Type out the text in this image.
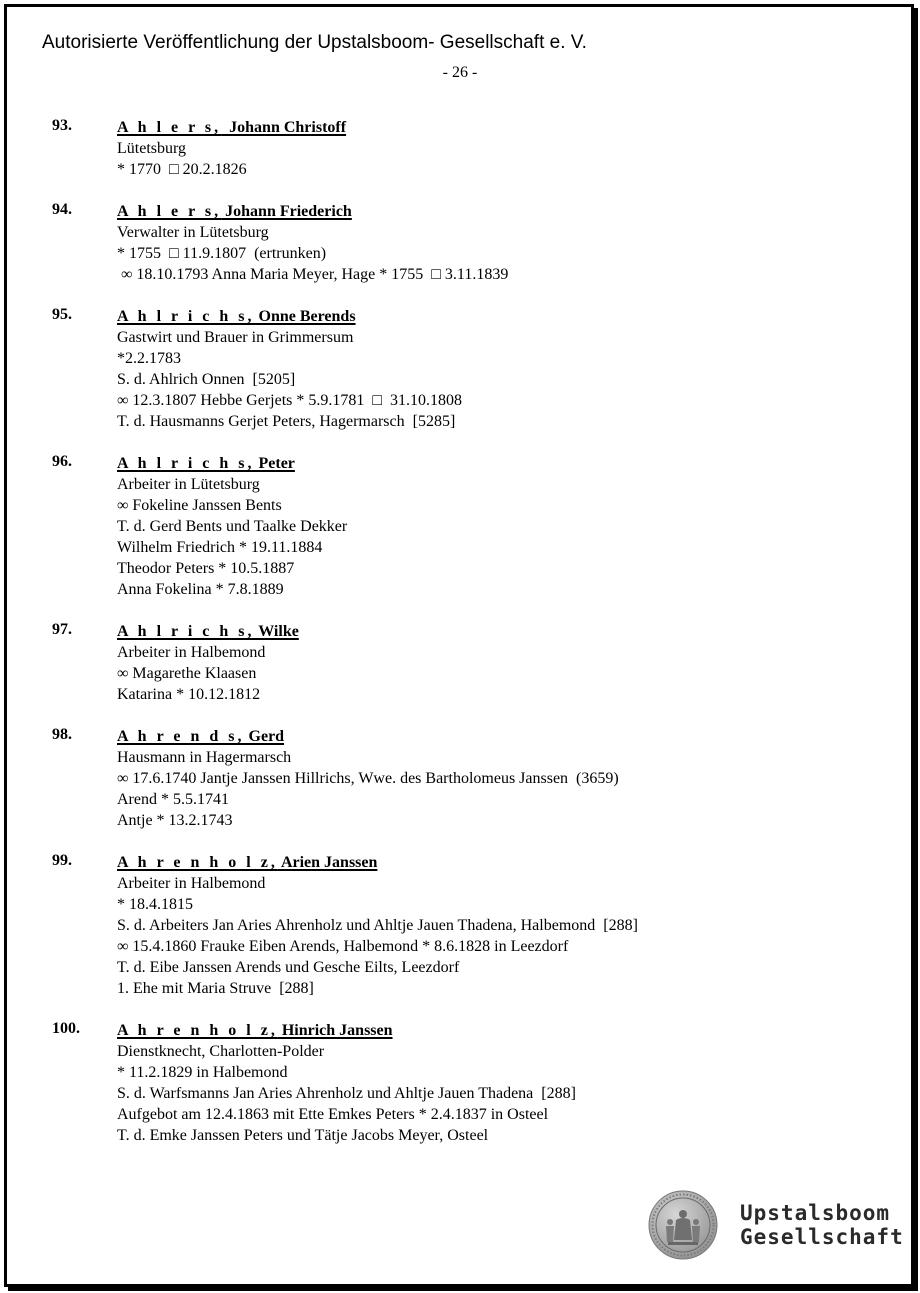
Autorisierte Veröffentlichung der Upstalsboom- Gesellschaft e. V.
- 26 -
93.	A h l e r s,  Johann Christoff
Lütetsburg
* 1770  □ 20.2.1826
94.	A h l e r s, Johann Friederich
Verwalter in Lütetsburg
* 1755  □ 11.9.1807  (ertrunken)
∞ 18.10.1793 Anna Maria Meyer, Hage * 1755  □ 3.11.1839
95.	A h l r i c h s, Onne Berends
Gastwirt und Brauer in Grimmersum
*2.2.1783
S. d. Ahlrich Onnen  [5205]
∞ 12.3.1807 Hebbe Gerjets * 5.9.1781  □  31.10.1808
T. d. Hausmanns Gerjet Peters, Hagermarsch  [5285]
96.	A h l r i c h s, Peter
Arbeiter in Lütetsburg
∞ Fokeline Janssen Bents
T. d. Gerd Bents und Taalke Dekker
Wilhelm Friedrich * 19.11.1884
Theodor Peters * 10.5.1887
Anna Fokelina * 7.8.1889
97.	A h l r i c h s, Wilke
Arbeiter in Halbemond
∞ Magarethe Klaasen
Katarina * 10.12.1812
98.	A h r e n d s, Gerd
Hausmann in Hagermarsch
∞ 17.6.1740 Jantje Janssen Hillrichs, Wwe. des Bartholomeus Janssen  (3659)
Arend * 5.5.1741
Antje * 13.2.1743
99.	A h r e n h o l z, Arien Janssen
Arbeiter in Halbemond
* 18.4.1815
S. d. Arbeiters Jan Aries Ahrenholz und Ahltje Jauen Thadena, Halbemond  [288]
∞ 15.4.1860 Frauke Eiben Arends, Halbemond * 8.6.1828 in Leezdorf
T. d. Eibe Janssen Arends und Gesche Eilts, Leezdorf
1. Ehe mit Maria Struve  [288]
100. A h r e n h o l z, Hinrich Janssen
Dienstknecht, Charlotten-Polder
* 11.2.1829 in Halbemond
S. d. Warfsmanns Jan Aries Ahrenholz und Ahltje Jauen Thadena  [288]
Aufgebot am 12.4.1863 mit Ette Emkes Peters * 2.4.1837 in Osteel
T. d. Emke Janssen Peters und Tätje Jacobs Meyer, Osteel
Upstalsboom
Gesellschaft
